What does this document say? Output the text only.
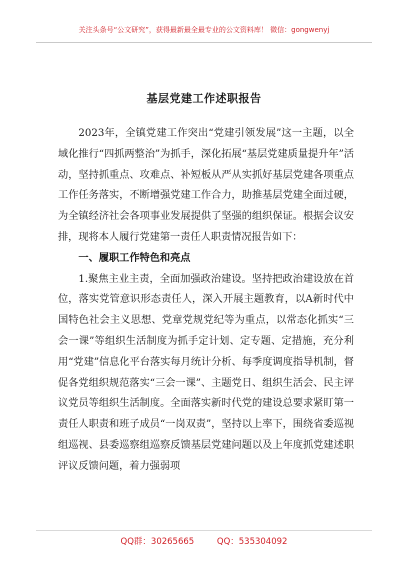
关注头条号“公文研究”，获得最新最全最专业的公文资料库！ 微信：gongwenyj
基层党建工作述职报告

2023年，全镇党建工作突出“党建引领发展”这一主题，以全域化推行“四抓两整治”为抓手，深化拓展“基层党建质量提升年”活动，坚持抓重点、攻难点、补短板从严从实抓好基层党建各项重点工作任务落实，不断增强党建工作合力，助推基层党建全面过硬，为全镇经济社会各项事业发展提供了坚强的组织保证。根据会议安排，现将本人履行党建第一责任人职责情况报告如下：

一、履职工作特色和亮点

1.聚焦主业主责，全面加强政治建设。坚持把政治建设放在首位，落实党管意识形态责任人，深入开展主题教育，以A新时代中国特色社会主义思想、党章党规党纪等为重点，以常态化抓实“三会一课”等组织生活制度为抓手定计划、定专题、定措施，充分利用“党建”信息化平台落实每月统计分析、每季度调度指导机制，督促各党组织规范落实“三会一课”、主题党日、组织生活会、民主评议党员等组织生活制度。全面落实新时代党的建设总要求紧盯第一责任人职责和班子成员“一岗双责”，坚持以上率下，围绕省委巡视组巡视、县委巡察组巡察反馈基层党建问题以及上年度抓党建述职评议反馈问题，着力强弱项

QQ群：30265665	QQ：535304092
